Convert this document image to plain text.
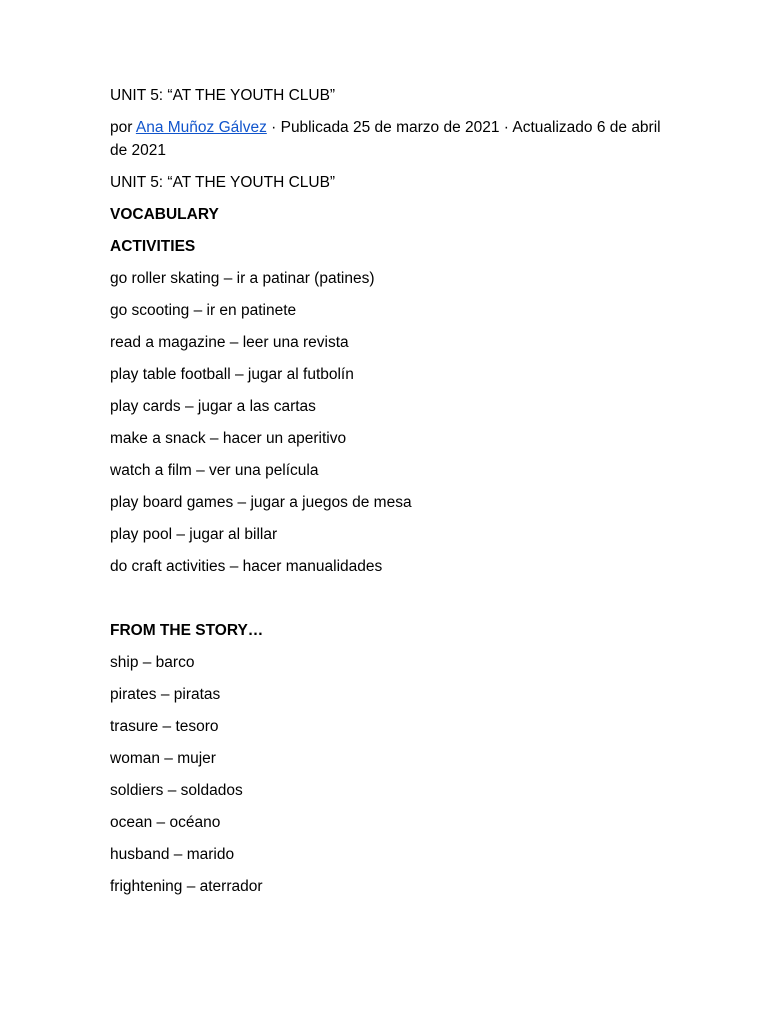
UNIT 5: “AT THE YOUTH CLUB”

por Ana Muñoz Gálvez · Publicada 25 de marzo de 2021 · Actualizado 6 de abril de 2021

UNIT 5: “AT THE YOUTH CLUB”

VOCABULARY

ACTIVITIES

go roller skating – ir a patinar (patines)
go scooting – ir en patinete
read a magazine – leer una revista
play table football – jugar al futbolín
play cards – jugar a las cartas
make a snack – hacer un aperitivo
watch a film – ver una película
play board games – jugar a juegos de mesa
play pool – jugar al billar
do craft activities – hacer manualidades

FROM THE STORY…

ship – barco
pirates – piratas
trasure – tesoro
woman – mujer
soldiers – soldados
ocean – océano
husband – marido
frightening – aterrador
